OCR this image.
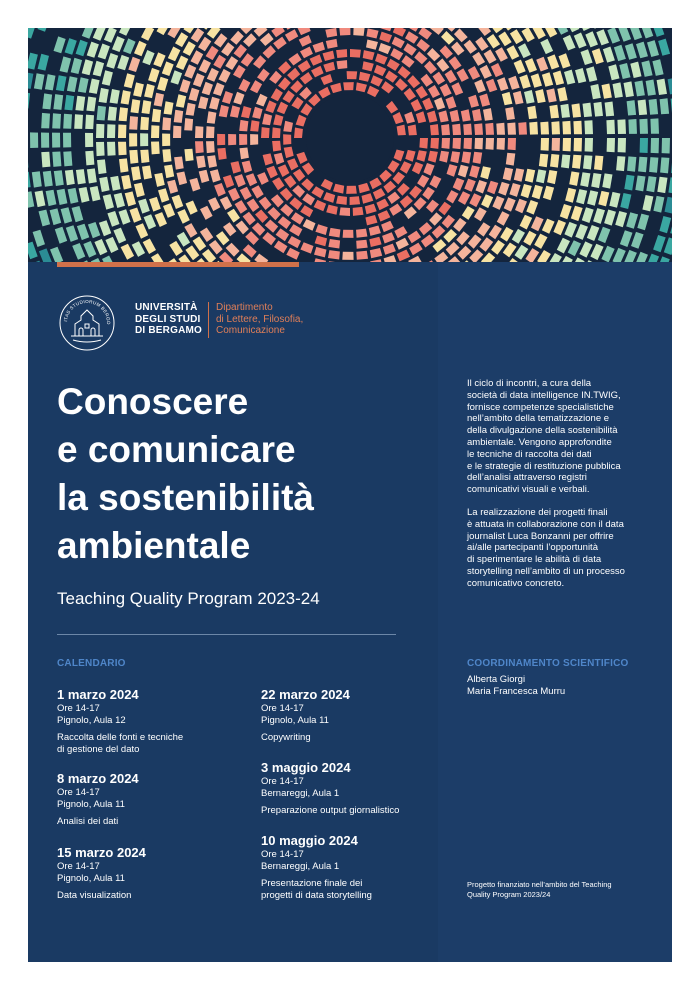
ITAS STUDIORUM BERGO
UNIVERSITÀ
DEGLI STUDI
DI BERGAMO
Dipartimento
di Lettere, Filosofia,
Comunicazione
Conoscere
e comunicare
la sostenibilità
ambientale
Teaching Quality Program 2023-24
CALENDARIO
1 marzo 2024
Ore 14-17
Pignolo, Aula 12
Raccolta delle fonti e tecniche
di gestione del dato
8 marzo 2024
Ore 14-17
Pignolo, Aula 11
Analisi dei dati
15 marzo 2024
Ore 14-17
Pignolo, Aula 11
Data visualization
22 marzo 2024
Ore 14-17
Pignolo, Aula 11
Copywriting
3 maggio 2024
Ore 14-17
Bernareggi, Aula 1
Preparazione output giornalistico
10 maggio 2024
Ore 14-17
Bernareggi, Aula 1
Presentazione finale dei
progetti di data storytelling

Il ciclo di incontri, a cura della
società di data intelligence IN.TWIG,
fornisce competenze specialistiche
nell’ambito della tematizzazione e
della divulgazione della sostenibilità
ambientale. Vengono approfondite
le tecniche di raccolta dei dati
e le strategie di restituzione pubblica
dell’analisi attraverso registri
comunicativi visuali e verbali.

La realizzazione dei progetti finali
è attuata in collaborazione con il data
journalist Luca Bonzanni per offrire
ai/alle partecipanti l’opportunità
di sperimentare le abilità di data
storytelling nell’ambito di un processo
comunicativo concreto.

COORDINAMENTO SCIENTIFICO
Alberta Giorgi
Maria Francesca Murru
Progetto finanziato nell’ambito del Teaching
Quality Program 2023/24
